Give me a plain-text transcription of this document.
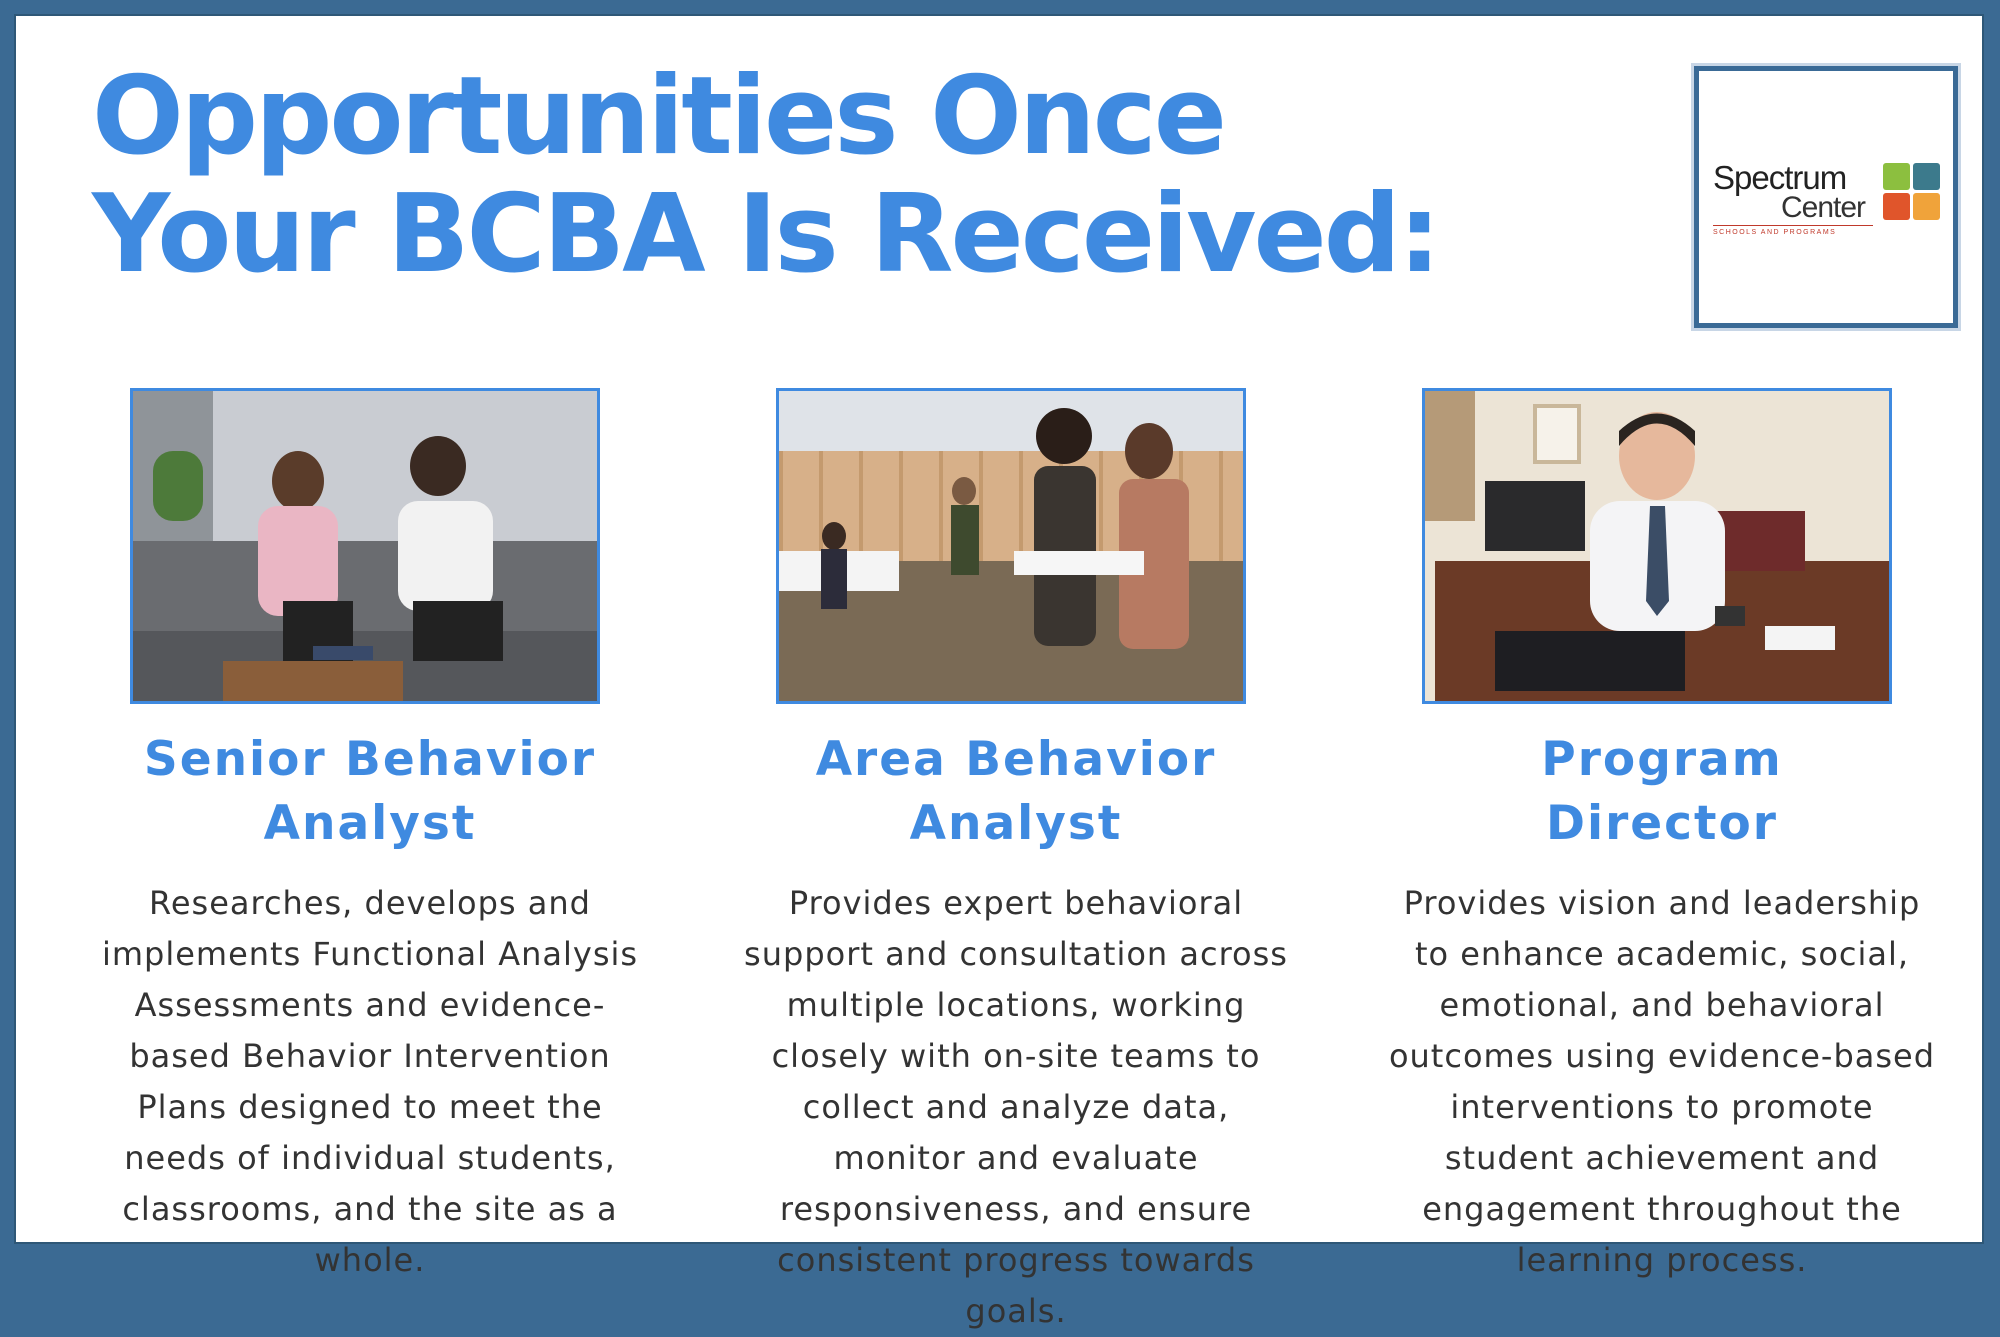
Opportunities Once
Your BCBA Is Received:	Spectrum
Center
SCHOOLS AND PROGRAMS
Senior Behavior
Analyst

Researches, develops and implements Functional Analysis Assessments and evidence-based Behavior Intervention Plans designed to meet the needs of individual students, classrooms, and the site as a whole.

Area Behavior
Analyst

Provides expert behavioral support and consultation across multiple locations, working closely with on-site teams to collect and analyze data, monitor and evaluate responsiveness, and ensure consistent progress towards goals.

Program
Director

Provides vision and leadership to enhance academic, social, emotional, and behavioral outcomes using evidence-based interventions to promote student achievement and engagement throughout the learning process.
